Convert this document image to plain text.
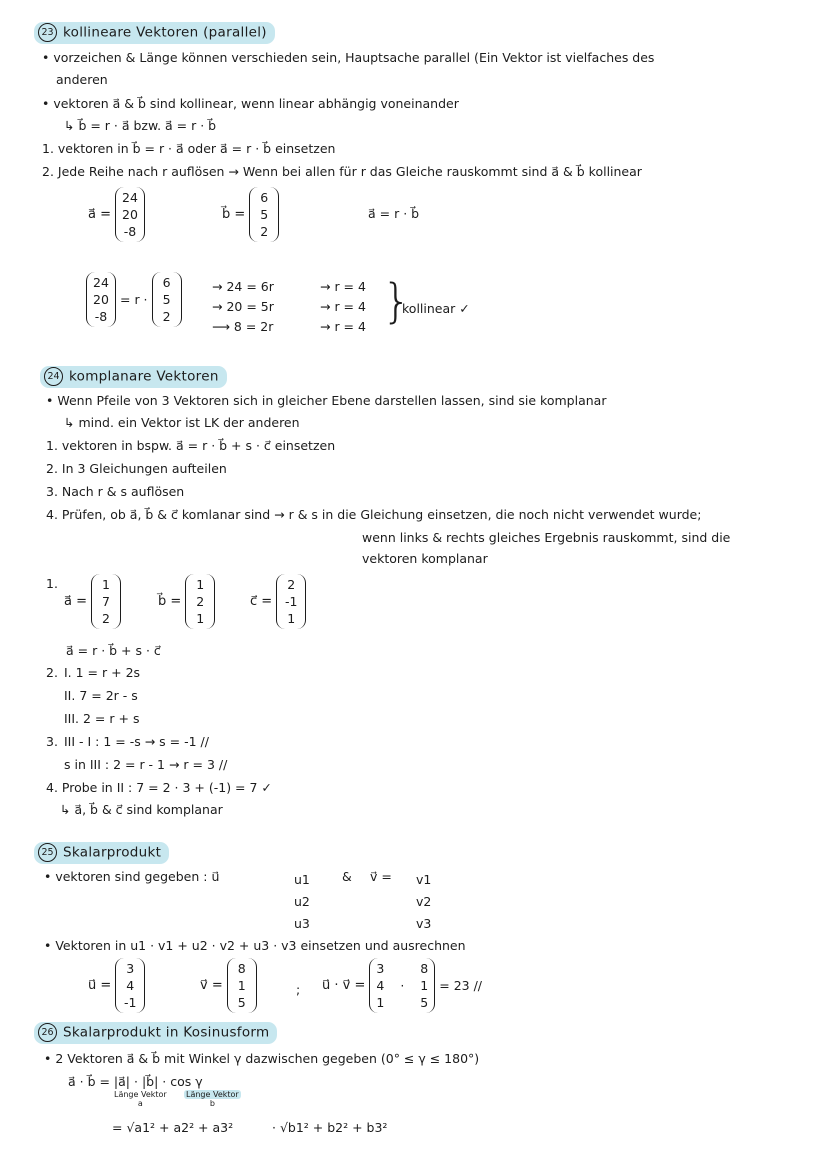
23 kollineare Vektoren (parallel)
• vorzeichen & Länge können verschieden sein, Hauptsache parallel (Ein Vektor ist vielfaches des
anderen
• vektoren a⃗ & b⃗ sind kollinear, wenn linear abhängig voneinander
↳ b⃗ = r · a⃗ bzw. a⃗ = r · b⃗
1. vektoren in b⃗ = r · a⃗ oder a⃗ = r · b⃗ einsetzen
2. Jede Reihe nach r auflösen → Wenn bei allen für r das Gleiche rauskommt sind a⃗ & b⃗ kollinear
a⃗ =
24
20
-8
b⃗ =
6
5
2
a⃗ = r · b⃗
24
20
-8
= r ·
6
5
2
→ 24 = 6r
→ 20 = 5r
⟶ 8 = 2r
→ r = 4
→ r = 4
→ r = 4 }
kollinear ✓
24 komplanare Vektoren
• Wenn Pfeile von 3 Vektoren sich in gleicher Ebene darstellen lassen, sind sie komplanar
↳ mind. ein Vektor ist LK der anderen
1. vektoren in bspw. a⃗ = r · b⃗ + s · c⃗ einsetzen
2. In 3 Gleichungen aufteilen
3. Nach r & s auflösen
4. Prüfen, ob a⃗, b⃗ & c⃗ komlanar sind → r & s in die Gleichung einsetzen, die noch nicht verwendet wurde;
wenn links & rechts gleiches Ergebnis rauskommt, sind die
vektoren komplanar
1.
a⃗ =
1
7
2
b⃗ =
1
2
1
c⃗ =
2
-1
1
a⃗ = r · b⃗ + s · c⃗
2. I. 1 = r + 2s
II. 7 = 2r - s
III. 2 = r + s
3. III - I : 1 = -s → s = -1 //
s in III : 2 = r - 1 → r = 3 //
4. Probe in II : 7 = 2 · 3 + (-1) = 7 ✓
↳ a⃗, b⃗ & c⃗ sind komplanar
25 Skalarprodukt
• vektoren sind gegeben : u⃗	u1
u2
u3
& v⃗ = v1
v2
v3
• Vektoren in u1 · v1 + u2 · v2 + u3 · v3 einsetzen und ausrechnen
u⃗ =
3
4
-1
v⃗ =
8
1
5
; u⃗ · v⃗ =
3
4
1
·
8
1
5
= 23 //
26 Skalarprodukt in Kosinusform
• 2 Vektoren a⃗ & b⃗ mit Winkel γ dazwischen gegeben (0° ≤ γ ≤ 180°)
a⃗ · b⃗ = |a⃗| · |b⃗| · cos γ
Länge Vektor
a
Länge Vektor
b
= √a1² + a2² + a3²	· √b1² + b2² + b3²
